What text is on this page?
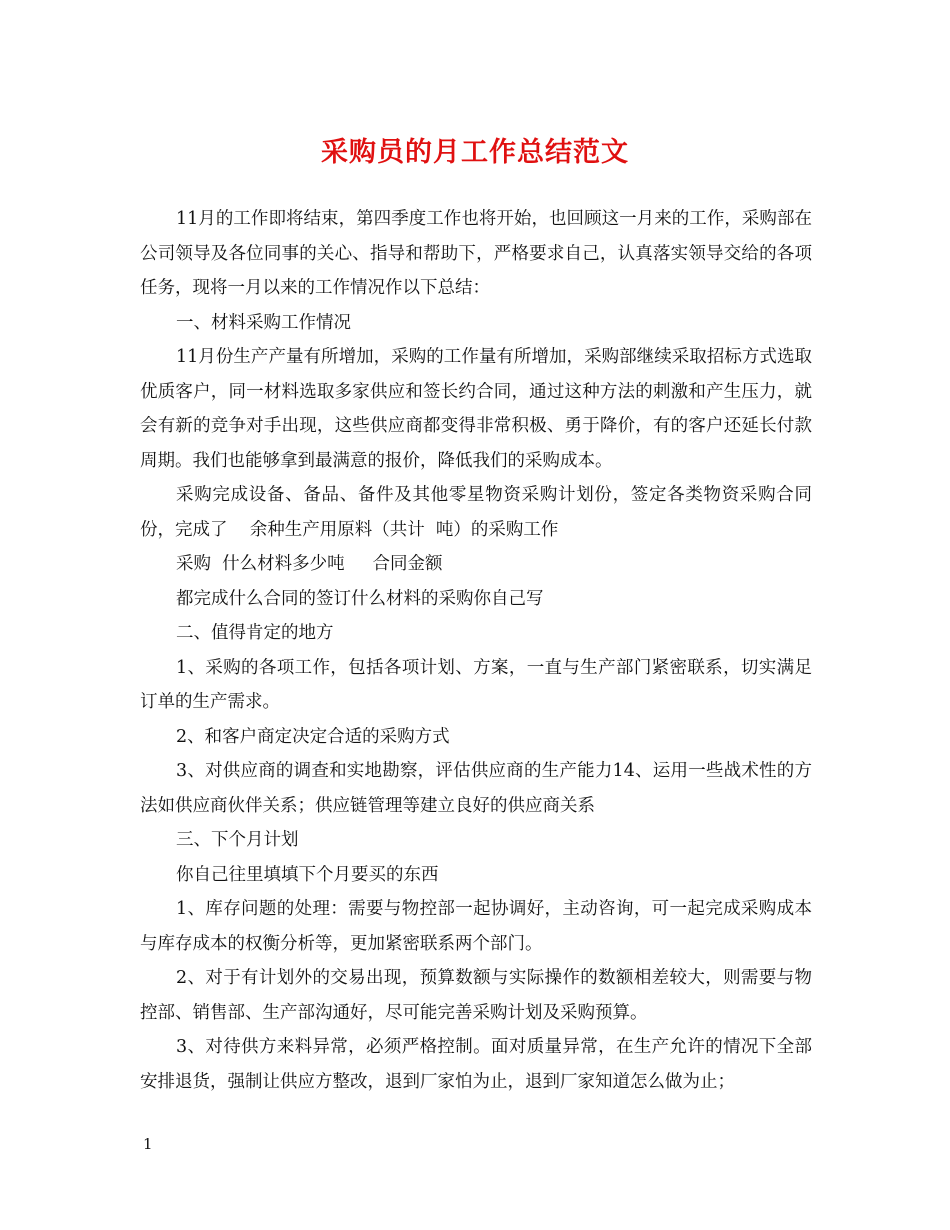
采购员的月工作总结范文

11月的工作即将结束，第四季度工作也将开始，也回顾这一月来的工作，采购部在公司领导及各位同事的关心、指导和帮助下，严格要求自己，认真落实领导交给的各项任务，现将一月以来的工作情况作以下总结：

一、材料采购工作情况

11月份生产产量有所增加，采购的工作量有所增加，采购部继续采取招标方式选取优质客户，同一材料选取多家供应和签长约合同，通过这种方法的刺激和产生压力，就会有新的竞争对手出现，这些供应商都变得非常积极、勇于降价，有的客户还延长付款周期。我们也能够拿到最满意的报价，降低我们的采购成本。

采购完成设备、备品、备件及其他零星物资采购计划份，签定各类物资采购合同    份，完成了    余种生产用原料（共计  吨）的采购工作

采购  什么材料多少吨     合同金额

都完成什么合同的签订什么材料的采购你自己写

二、值得肯定的地方

1、采购的各项工作，包括各项计划、方案，一直与生产部门紧密联系，切实满足订单的生产需求。

2、和客户商定决定合适的采购方式

3、对供应商的调查和实地勘察，评估供应商的生产能力14、运用一些战术性的方法如供应商伙伴关系；供应链管理等建立良好的供应商关系

三、下个月计划

你自己往里填填下个月要买的东西

1、库存问题的处理：需要与物控部一起协调好，主动咨询，可一起完成采购成本与库存成本的权衡分析等，更加紧密联系两个部门。

2、对于有计划外的交易出现，预算数额与实际操作的数额相差较大，则需要与物控部、销售部、生产部沟通好，尽可能完善采购计划及采购预算。

3、对待供方来料异常，必须严格控制。面对质量异常，在生产允许的情况下全部安排退货，强制让供应方整改，退到厂家怕为止，退到厂家知道怎么做为止；

1
